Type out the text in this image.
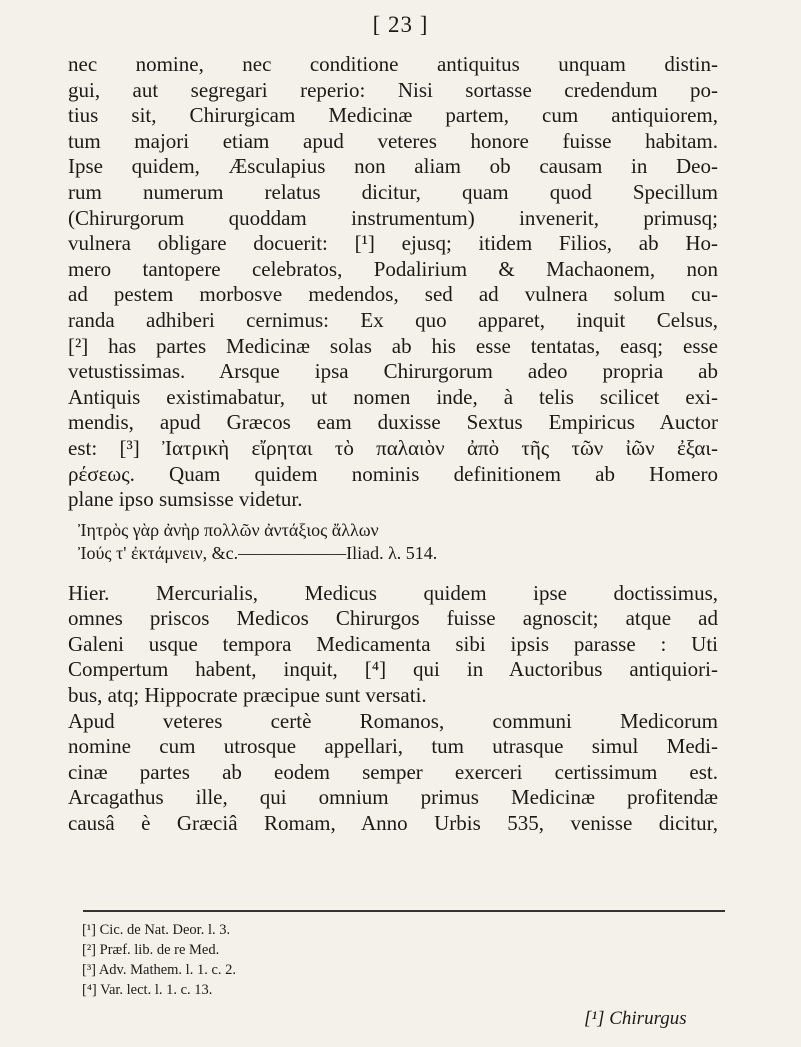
[ 23 ]
nec nomine, nec conditione antiquitus unquam distin-
gui, aut segregari reperio: Nisi sortasse credendum po-
tius sit, Chirurgicam Medicinæ partem, cum antiquiorem,
tum majori etiam apud veteres honore fuisse habitam.
Ipse quidem, Æsculapius non aliam ob causam in Deo-
rum numerum relatus dicitur, quam quod Specillum
(Chirurgorum quoddam instrumentum) invenerit, primusq;
vulnera obligare docuerit: [¹] ejusq; itidem Filios, ab Ho-
mero tantopere celebratos, Podalirium & Machaonem, non
ad pestem morbosve medendos, sed ad vulnera solum cu-
randa adhiberi cernimus: Ex quo apparet, inquit Celsus,
[²] has partes Medicinæ solas ab his esse tentatas, easq; esse
vetustissimas. Arsque ipsa Chirurgorum adeo propria ab
Antiquis existimabatur, ut nomen inde, à telis scilicet exi-
mendis, apud Græcos eam duxisse Sextus Empiricus Auctor
est: [³] Ἰατρικὴ εἴρηται τὸ παλαιὸν ἀπὸ τῆς τῶν ἰῶν ἐξαι-
ρέσεως. Quam quidem nominis definitionem ab Homero
plane ipso sumsisse videtur.
Ἰητρὸς γὰρ ἀνὴρ πολλῶν ἀντάξιος ἄλλων
Ἰούς τ' ἐκτάμνειν, &c.——————Iliad. λ. 514.
Hier. Mercurialis, Medicus quidem ipse doctissimus,
omnes priscos Medicos Chirurgos fuisse agnoscit; atque ad
Galeni usque tempora Medicamenta sibi ipsis parasse : Uti
Compertum habent, inquit, [⁴] qui in Auctoribus antiquiori-
bus, atq; Hippocrate præcipue sunt versati.
Apud veteres certè Romanos, communi Medicorum
nomine cum utrosque appellari, tum utrasque simul Medi-
cinæ partes ab eodem semper exerceri certissimum est.
Arcagathus ille, qui omnium primus Medicinæ profitendæ
causâ è Græciâ Romam, Anno Urbis 535, venisse dicitur,
[¹] Cic. de Nat. Deor. l. 3.
[²] Præf. lib. de re Med.
[³] Adv. Mathem. l. 1. c. 2.
[⁴] Var. lect. l. 1. c. 13.
[¹] Chirurgus
